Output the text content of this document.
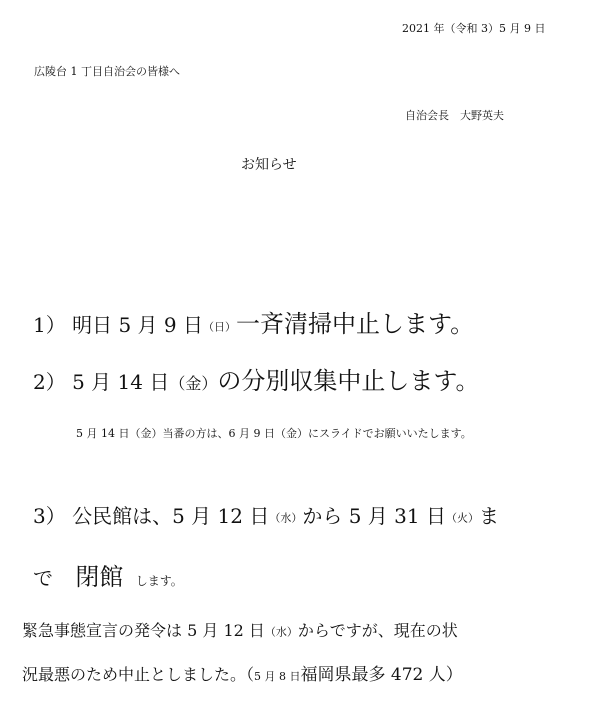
2021 年（令和 3）5 月 9 日
広陵台 1 丁目自治会の皆様へ
自治会長　大野英夫
お知らせ
1） 明日 5 月 9 日（日）一斉清掃中止します。
2） 5 月 14 日（金）の分別収集中止します。
5 月 14 日（金）当番の方は、6 月 9 日（金）にスライドでお願いいたします。
3） 公民館は、5 月 12 日（水）から 5 月 31 日（火）ま
で 閉館 します。
緊急事態宣言の発令は 5 月 12 日（水）からですが、現在の状
況最悪のため中止としました。（5 月 8 日福岡県最多 472 人）
